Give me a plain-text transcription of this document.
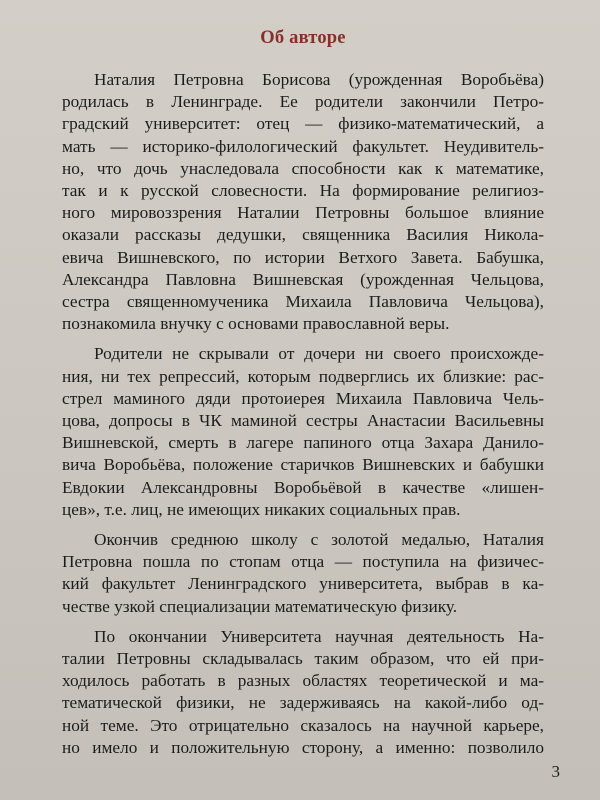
Об авторе
Наталия Петровна Борисова (урожденная Воробьёва)
родилась в Ленинграде. Ее родители закончили Петро-
градский университет: отец — физико-математический, а
мать — историко-филологический факультет. Неудивитель-
но, что дочь унаследовала способности как к математике,
так и к русской словесности. На формирование религиоз-
ного мировоззрения Наталии Петровны большое влияние
оказали рассказы дедушки, священника Василия Никола-
евича Вишневского, по истории Ветхого Завета. Бабушка,
Александра Павловна Вишневская (урожденная Чельцова,
сестра священномученика Михаила Павловича Чельцова),
познакомила внучку с основами православной веры.
Родители не скрывали от дочери ни своего происхожде-
ния, ни тех репрессий, которым подверглись их близкие: рас-
стрел маминого дяди протоиерея Михаила Павловича Чель-
цова, допросы в ЧК маминой сестры Анастасии Васильевны
Вишневской, смерть в лагере папиного отца Захара Данило-
вича Воробьёва, положение старичков Вишневских и бабушки
Евдокии Александровны Воробьёвой в качестве «лишен-
цев», т.е. лиц, не имеющих никаких социальных прав.
Окончив среднюю школу с золотой медалью, Наталия
Петровна пошла по стопам отца — поступила на физичес-
кий факультет Ленинградского университета, выбрав в ка-
честве узкой специализации математическую физику.
По окончании Университета научная деятельность На-
талии Петровны складывалась таким образом, что ей при-
ходилось работать в разных областях теоретической и ма-
тематической физики, не задерживаясь на какой-либо од-
ной теме. Это отрицательно сказалось на научной карьере,
но имело и положительную сторону, а именно: позволило
3
